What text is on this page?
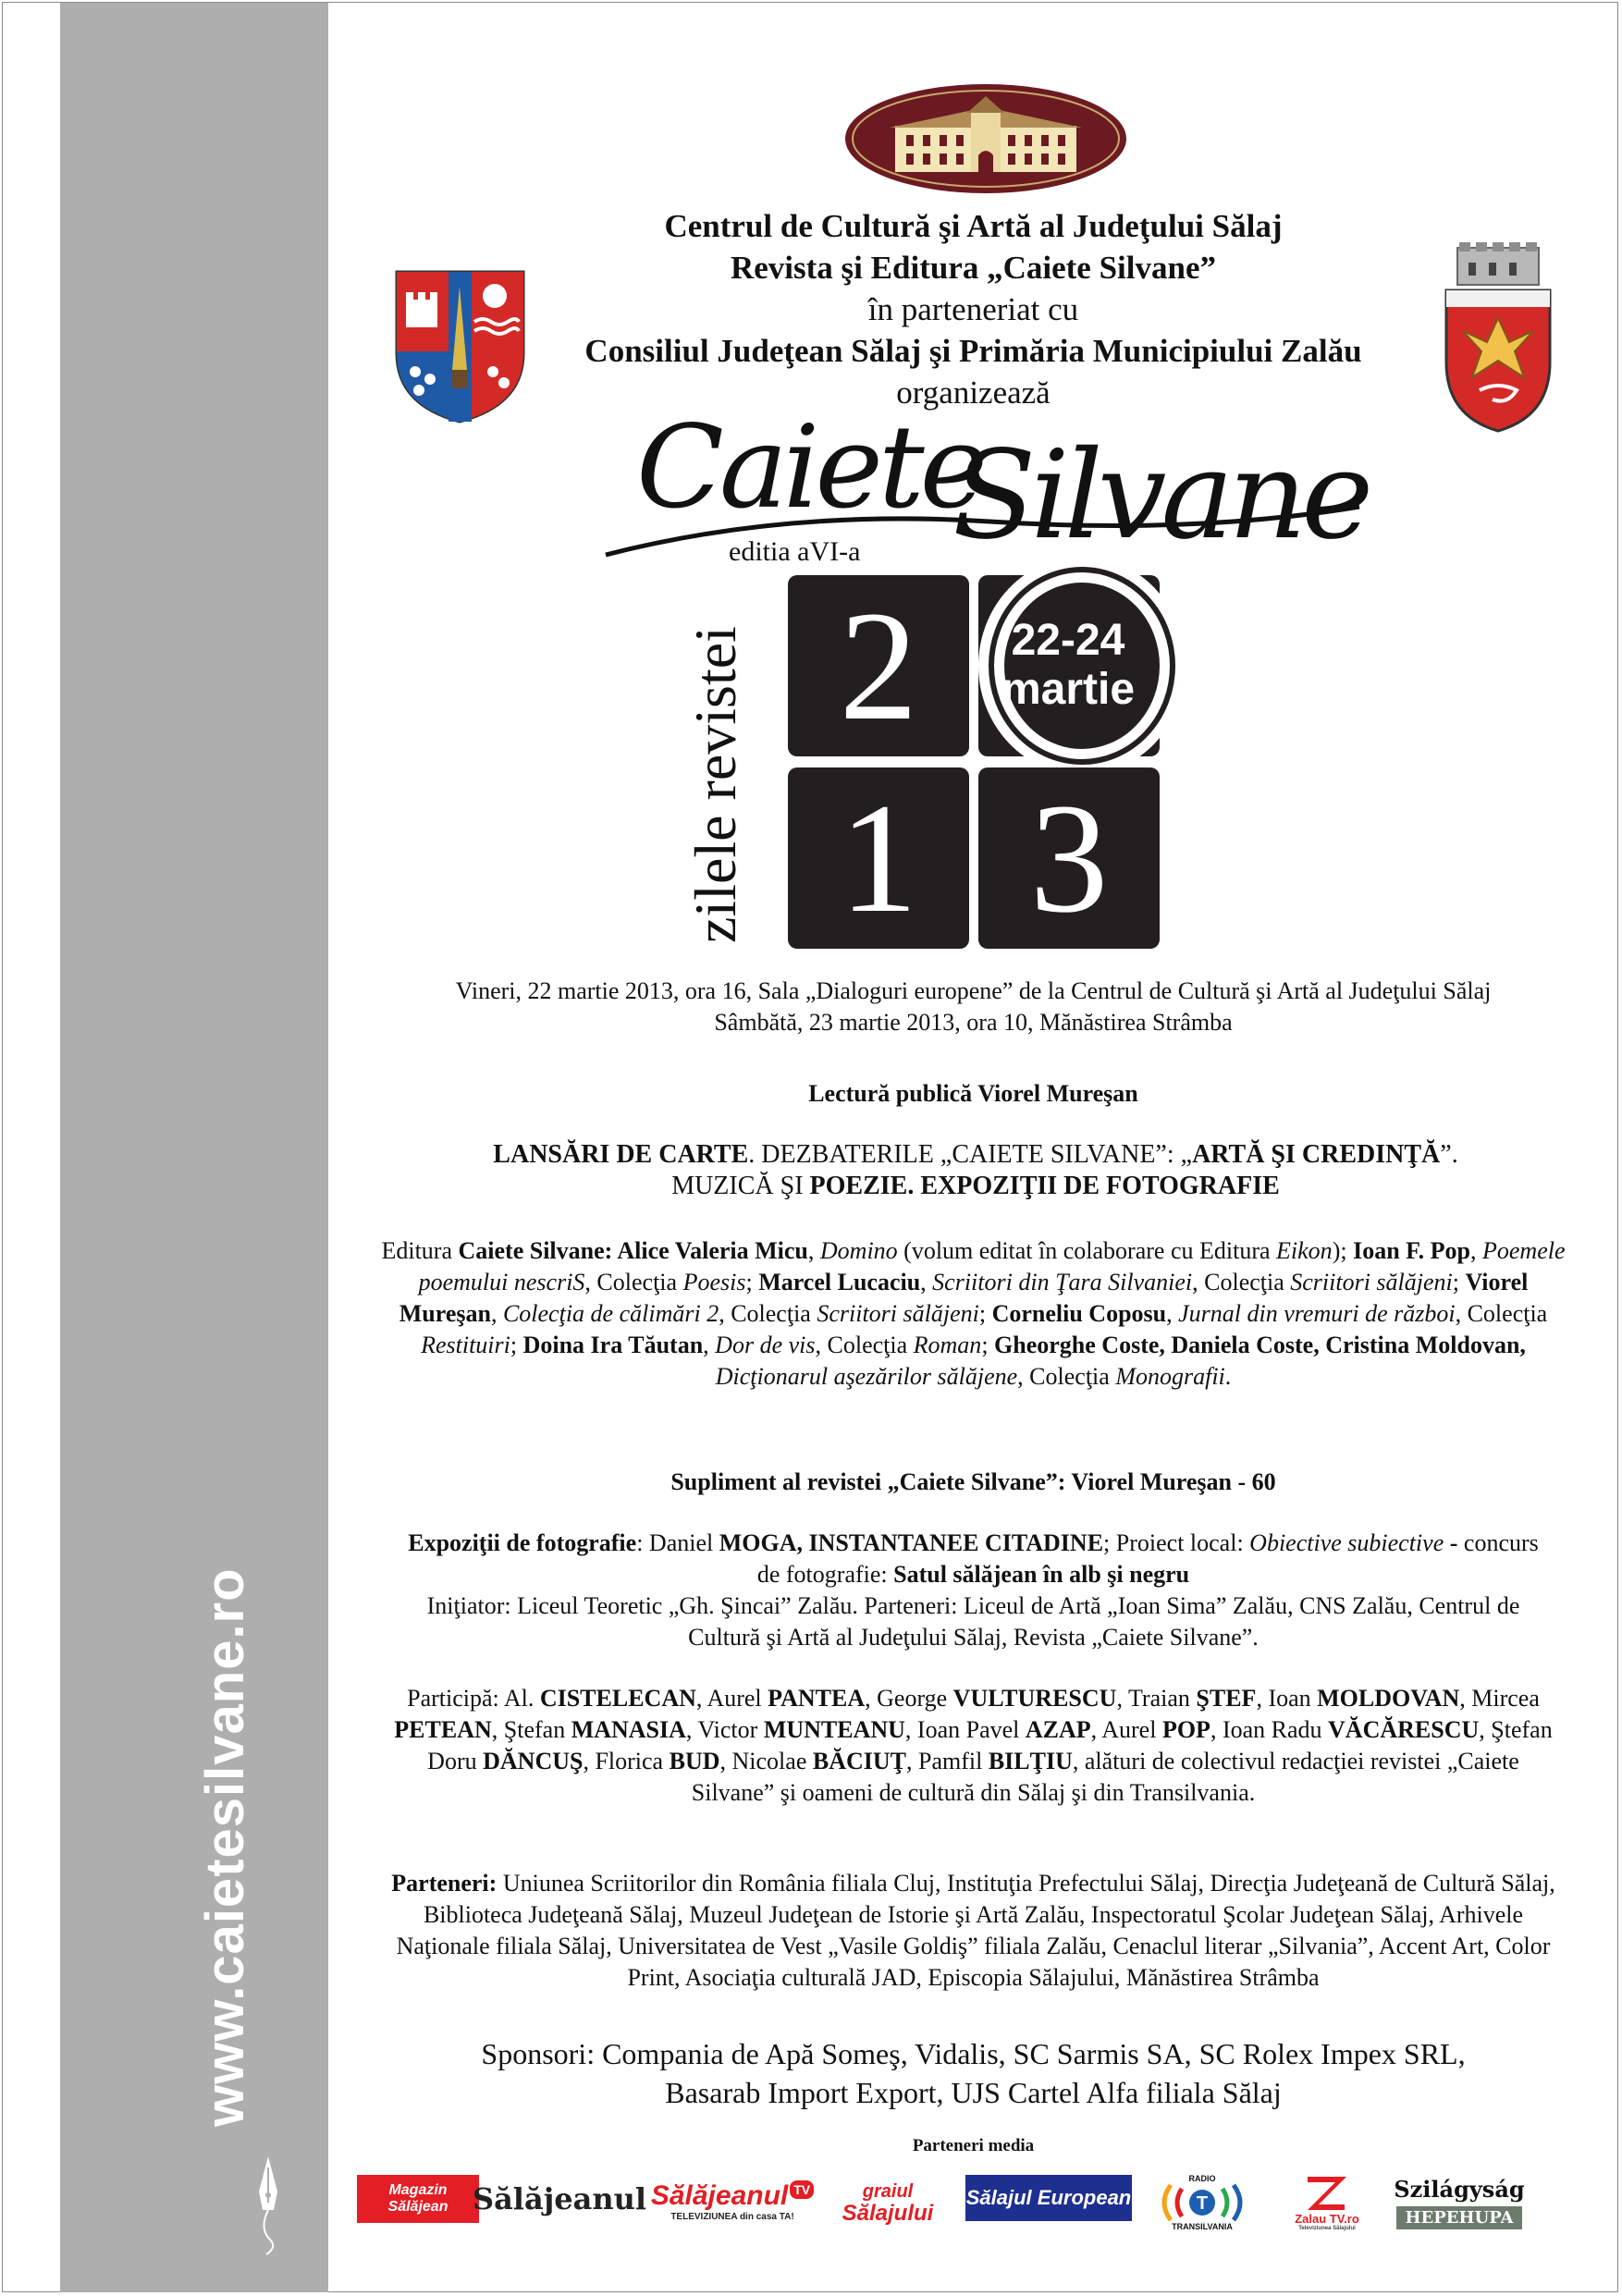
www.caietesilvane.ro
Centrul de Cultură şi Artă al Judeţului Sălaj
Revista şi Editura „Caiete Silvane”
în parteneriat cu
Consiliul Judeţean Sălaj şi Primăria Municipiului Zalău
organizează
Caiete
Silvane
editia aVI-a
zilele revistei 2 22-24
martie
1 3
Vineri, 22 martie 2013, ora 16, Sala „Dialoguri europene” de la Centrul de Cultură şi Artă al Judeţului Sălaj
Sâmbătă, 23 martie 2013, ora 10, Mănăstirea Strâmba
Lectură publică Viorel Mureşan
LANSĂRI DE CARTE. DEZBATERILE „CAIETE SILVANE”: „ARTĂ ŞI CREDINŢĂ”.
MUZICĂ ŞI POEZIE. EXPOZIŢII DE FOTOGRAFIE
Editura Caiete Silvane: Alice Valeria Micu, Domino (volum editat în colaborare cu Editura Eikon); Ioan F. Pop, Poemele poemului nescriS, Colecţia Poesis; Marcel Lucaciu, Scriitori din Ţara Silvaniei, Colecţia Scriitori sălăjeni; Viorel Mureşan, Colecţia de călimări 2, Colecţia Scriitori sălăjeni; Corneliu Coposu, Jurnal din vremuri de război, Colecţia Restituiri; Doina Ira Tăutan, Dor de vis, Colecţia Roman; Gheorghe Coste, Daniela Coste, Cristina Moldovan, Dicţionarul aşezărilor sălăjene, Colecţia Monografii.
Supliment al revistei „Caiete Silvane”: Viorel Mureşan - 60
Expoziţii de fotografie: Daniel MOGA, INSTANTANEE CITADINE; Proiect local: Obiective subiective - concurs de fotografie: Satul sălăjean în alb şi negru
Iniţiator: Liceul Teoretic „Gh. Şincai” Zalău. Parteneri: Liceul de Artă „Ioan Sima” Zalău, CNS Zalău, Centrul de Cultură şi Artă al Judeţului Sălaj, Revista „Caiete Silvane”.
Participă: Al. CISTELECAN, Aurel PANTEA, George VULTURESCU, Traian ŞTEF, Ioan MOLDOVAN, Mircea PETEAN, Ştefan MANASIA, Victor MUNTEANU, Ioan Pavel AZAP, Aurel POP, Ioan Radu VĂCĂRESCU, Ştefan Doru DĂNCUŞ, Florica BUD, Nicolae BĂCIUŢ, Pamfil BILŢIU, alături de colectivul redacţiei revistei „Caiete Silvane” şi oameni de cultură din Sălaj şi din Transilvania.
Parteneri: Uniunea Scriitorilor din România filiala Cluj, Instituţia Prefectului Sălaj, Direcţia Judeţeană de Cultură Sălaj, Biblioteca Judeţeană Sălaj, Muzeul Judeţean de Istorie şi Artă Zalău, Inspectoratul Şcolar Judeţean Sălaj, Arhivele Naţionale filiala Sălaj, Universitatea de Vest „Vasile Goldiş” filiala Zalău, Cenaclul literar „Silvania”, Accent Art, Color Print, Asociaţia culturală JAD, Episcopia Sălajului, Mănăstirea Strâmba
Sponsori: Compania de Apă Someş, Vidalis, SC Sarmis SA, SC Rolex Impex SRL,
Basarab Import Export, UJS Cartel Alfa filiala Sălaj
Parteneri media
Magazin
Sălăjean Sălăjeanul Sălăjeanul TV
TELEVIZIUNEA din casa TA!
graiul
Sălajului
Sălajul European
RADIO
T
TRANSILVANIA
Zalau TV.ro
Televiziunea Sălajului
Szilágyság
HEPEHUPA
